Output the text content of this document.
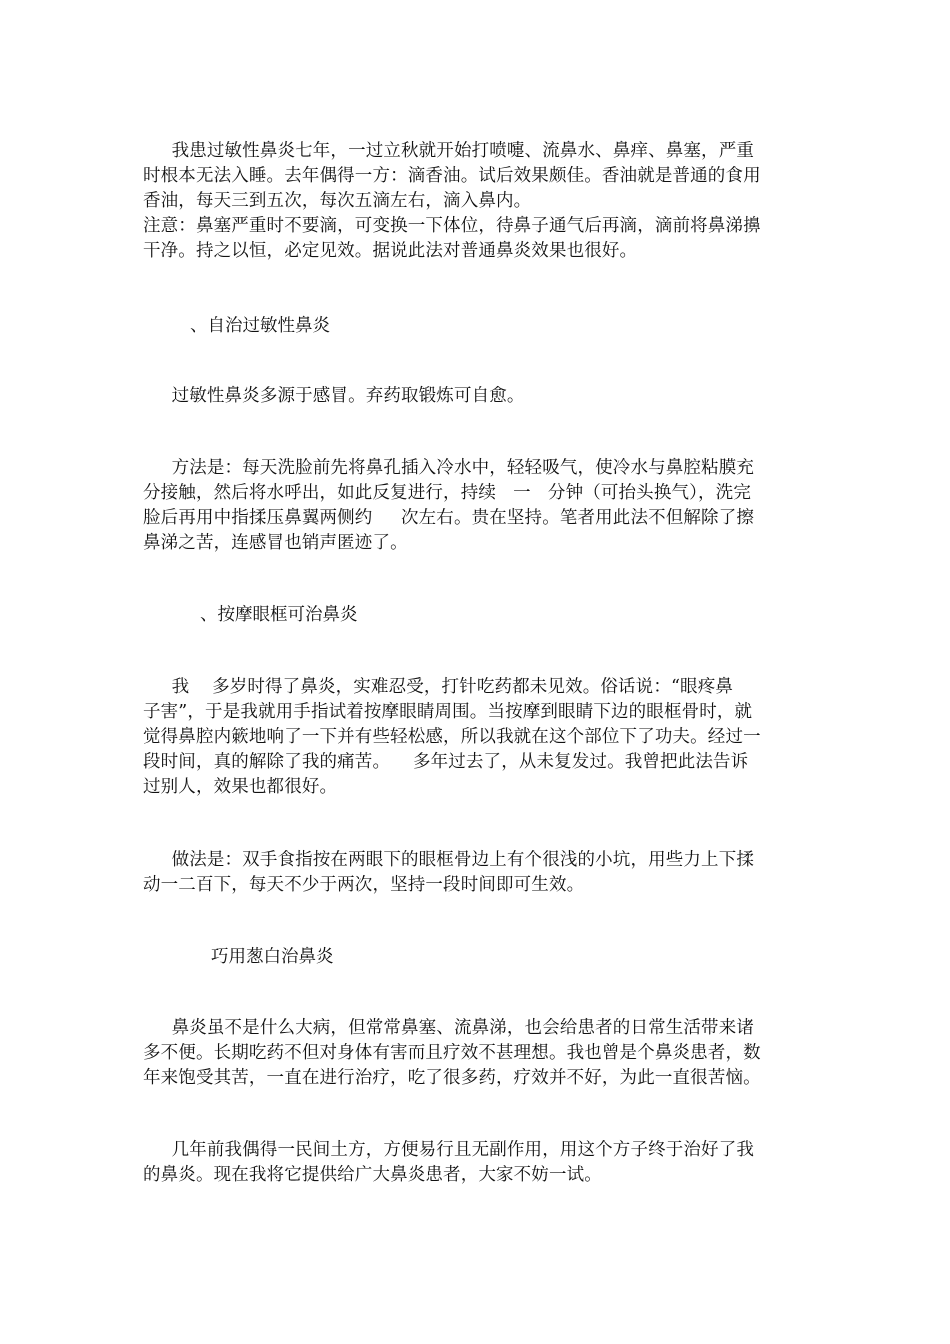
我患过敏性鼻炎七年，一过立秋就开始打喷嚏、流鼻水、鼻痒、鼻塞，严重
时根本无法入睡。去年偶得一方：滴香油。试后效果颇佳。香油就是普通的食用
香油，每天三到五次，每次五滴左右，滴入鼻内。
注意：鼻塞严重时不要滴，可变换一下体位，待鼻子通气后再滴，滴前将鼻涕擤
干净。持之以恒，必定见效。据说此法对普通鼻炎效果也很好。
、自治过敏性鼻炎
过敏性鼻炎多源于感冒。弃药取锻炼可自愈。
方法是：每天洗脸前先将鼻孔插入冷水中，轻轻吸气，使冷水与鼻腔粘膜充
分接触，然后将水呼出，如此反复进行，持续   一   分钟（可抬头换气），洗完
脸后再用中指揉压鼻翼两侧约     次左右。贵在坚持。笔者用此法不但解除了擦
鼻涕之苦，连感冒也销声匿迹了。
、按摩眼框可治鼻炎
我    多岁时得了鼻炎，实难忍受，打针吃药都未见效。俗话说：“眼疼鼻
子害”，于是我就用手指试着按摩眼睛周围。当按摩到眼睛下边的眼框骨时，就
觉得鼻腔内簌地响了一下并有些轻松感，所以我就在这个部位下了功夫。经过一
段时间，真的解除了我的痛苦。    多年过去了，从未复发过。我曾把此法告诉
过别人，效果也都很好。
做法是：双手食指按在两眼下的眼框骨边上有个很浅的小坑，用些力上下揉
动一二百下，每天不少于两次，坚持一段时间即可生效。
巧用葱白治鼻炎
鼻炎虽不是什么大病，但常常鼻塞、流鼻涕，也会给患者的日常生活带来诸
多不便。长期吃药不但对身体有害而且疗效不甚理想。我也曾是个鼻炎患者，数
年来饱受其苦，一直在进行治疗，吃了很多药，疗效并不好，为此一直很苦恼。
几年前我偶得一民间土方，方便易行且无副作用，用这个方子终于治好了我
的鼻炎。现在我将它提供给广大鼻炎患者，大家不妨一试。
